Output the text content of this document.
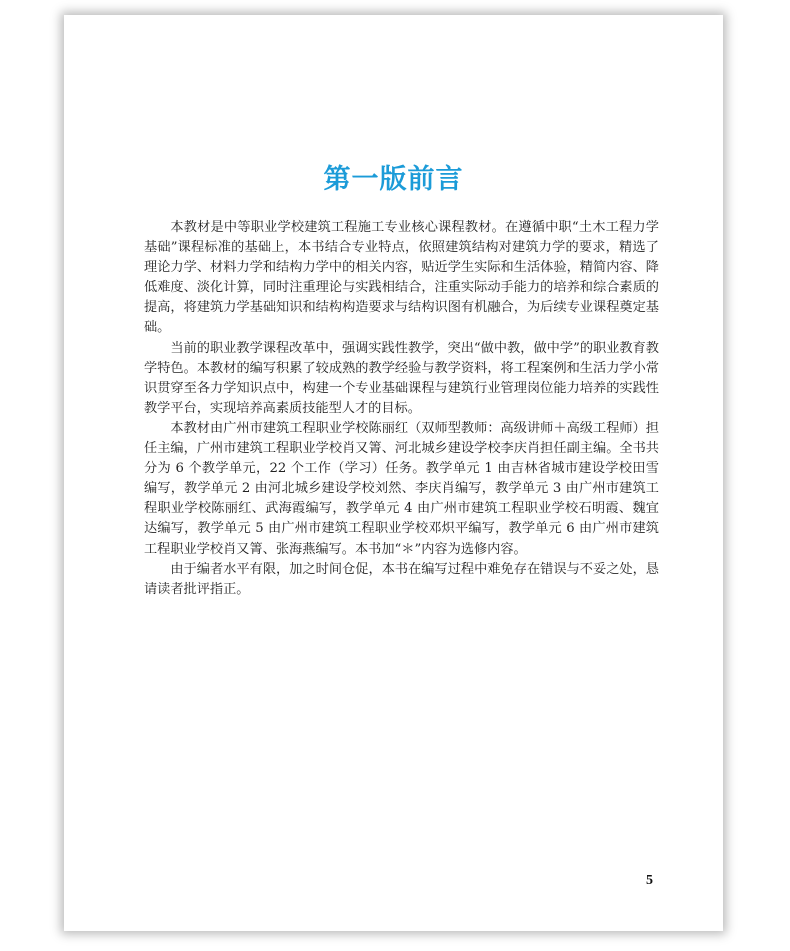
第一版前言

本教材是中等职业学校建筑工程施工专业核心课程教材。在遵循中职“土木工程力学基础”课程标准的基础上，本书结合专业特点，依照建筑结构对建筑力学的要求，精选了理论力学、材料力学和结构力学中的相关内容，贴近学生实际和生活体验，精简内容、降低难度、淡化计算，同时注重理论与实践相结合，注重实际动手能力的培养和综合素质的提高，将建筑力学基础知识和结构构造要求与结构识图有机融合，为后续专业课程奠定基础。

当前的职业教学课程改革中，强调实践性教学，突出“做中教，做中学”的职业教育教学特色。本教材的编写积累了较成熟的教学经验与教学资料，将工程案例和生活力学小常识贯穿至各力学知识点中，构建一个专业基础课程与建筑行业管理岗位能力培养的实践性教学平台，实现培养高素质技能型人才的目标。

本教材由广州市建筑工程职业学校陈丽红（双师型教师：高级讲师＋高级工程师）担任主编，广州市建筑工程职业学校肖又箐、河北城乡建设学校李庆肖担任副主编。全书共分为 6 个教学单元，22 个工作（学习）任务。教学单元 1 由吉林省城市建设学校田雪编写，教学单元 2 由河北城乡建设学校刘然、李庆肖编写，教学单元 3 由广州市建筑工程职业学校陈丽红、武海霞编写，教学单元 4 由广州市建筑工程职业学校石明霞、魏宜达编写，教学单元 5 由广州市建筑工程职业学校邓炽平编写，教学单元 6 由广州市建筑工程职业学校肖又箐、张海燕编写。本书加“＊”内容为选修内容。

由于编者水平有限，加之时间仓促，本书在编写过程中难免存在错误与不妥之处，恳请读者批评指正。

5
